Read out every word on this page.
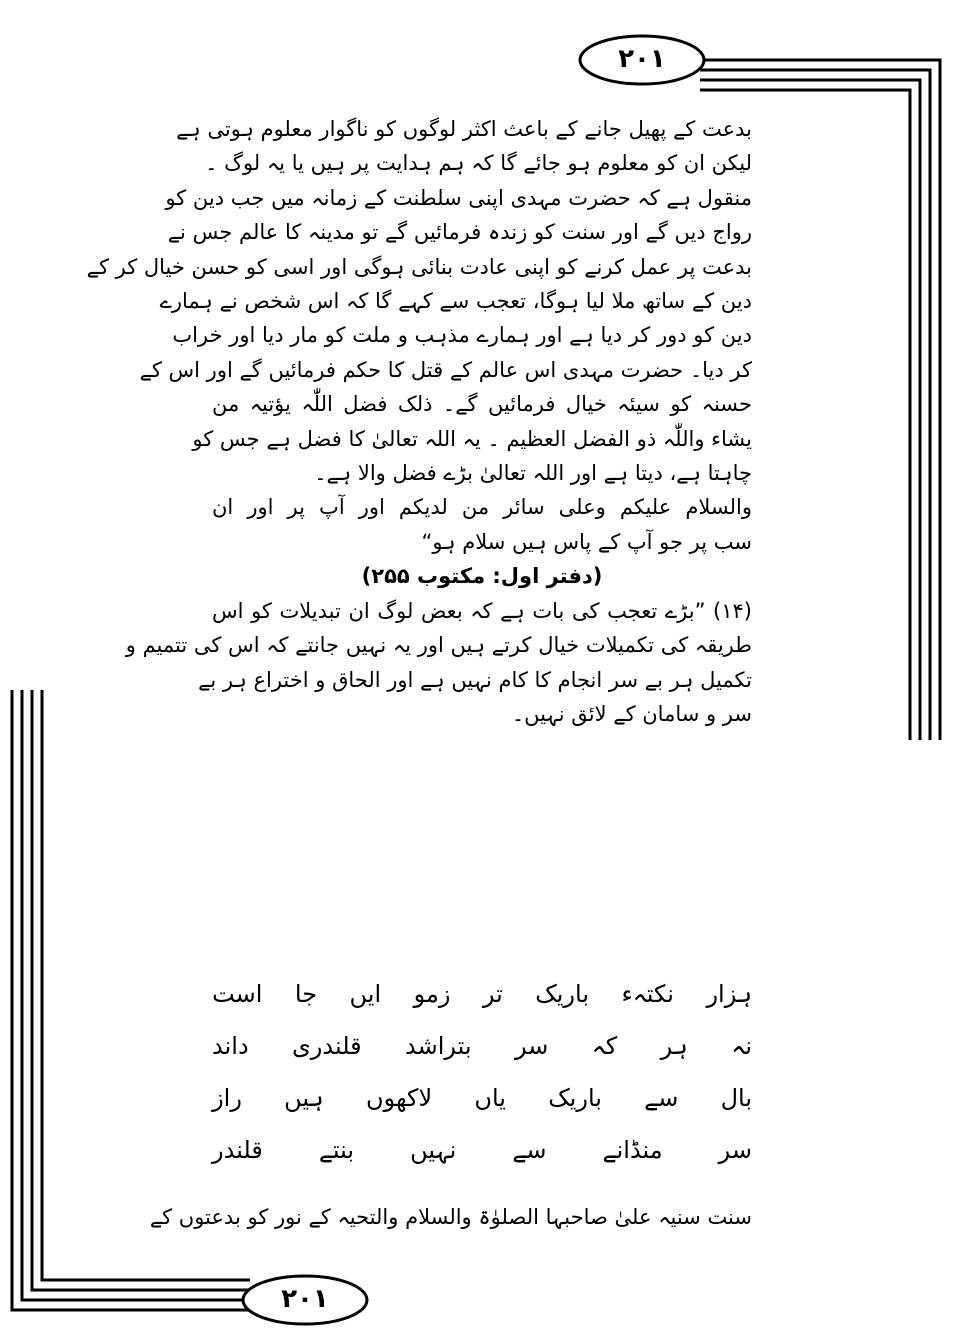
۲۰۱
۲۰۱

بدعت کے پھیل جانے کے باعث اکثر لوگوں کو ناگوار معلوم ہوتی ہے
لیکن ان کو معلوم ہو جائے گا کہ ہم ہدایت پر ہیں یا یہ لوگ ۔

منقول ہے کہ حضرت مہدی اپنی سلطنت کے زمانہ میں جب دین کو
رواج دیں گے اور سنت کو زندہ فرمائیں گے تو مدینہ کا عالم جس نے
بدعت پر عمل کرنے کو اپنی عادت بنائی ہوگی اور اسی کو حسن خیال کر کے
دین کے ساتھ ملا لیا ہوگا، تعجب سے کہے گا کہ اس شخص نے ہمارے
دین کو دور کر دیا ہے اور ہمارے مذہب و ملت کو مار دیا اور خراب
کر دیا۔ حضرت مہدی اس عالم کے قتل کا حکم فرمائیں گے اور اس کے
حسنہ کو سیئہ خیال فرمائیں گے۔ ذلک فضل اللّٰہ یؤتیہ من
یشاء واللّٰہ ذو الفضل العظیم ۔ یہ اللہ تعالیٰ کا فضل ہے جس کو
چاہتا ہے، دیتا ہے اور اللہ تعالیٰ بڑے فضل والا ہے۔

والسلام علیکم وعلی سائر من لدیکم اور آپ پر اور ان
سب پر جو آپ کے پاس ہیں سلام ہو“

(دفتر اول: مکتوب ۲۵۵)

(۱۴) ”بڑے تعجب کی بات ہے کہ بعض لوگ ان تبدیلات کو اس
طریقہ کی تکمیلات خیال کرتے ہیں اور یہ نہیں جانتے کہ اس کی تتمیم و
تکمیل ہر بے سر انجام کا کام نہیں ہے اور الحاق و اختراع ہر بے
سر و سامان کے لائق نہیں۔

ہزار
نکتہء
باریک
تر
زمو
ایں
جا
است
نہ
ہر
کہ
سر
بتراشد
قلندری
داند
بال
سے
باریک
یاں
لاکھوں
ہیں
راز
سر
منڈانے
سے
نہیں
بنتے
قلندر

سنت سنیہ علیٰ صاحبہا الصلوٰۃ والسلام والتحیہ کے نور کو بدعتوں کے
